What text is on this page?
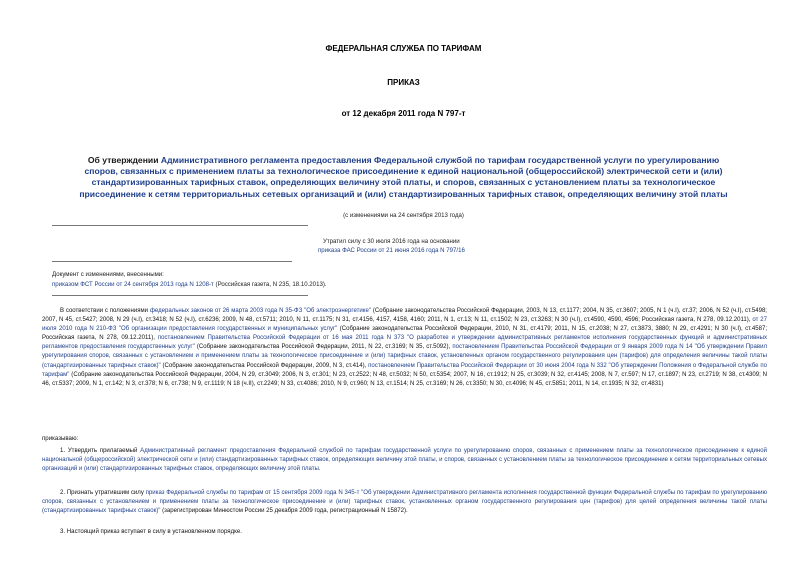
ФЕДЕРАЛЬНАЯ СЛУЖБА ПО ТАРИФАМ
ПРИКАЗ
от 12 декабря 2011 года N 797-т
Об утверждении Административного регламента предоставления Федеральной службой по тарифам государственной услуги по урегулированию споров, связанных с применением платы за технологическое присоединение к единой национальной (общероссийской) электрической сети и (или) стандартизированных тарифных ставок, определяющих величину этой платы, и споров, связанных с установлением платы за технологическое присоединение к сетям территориальных сетевых организаций и (или) стандартизированных тарифных ставок, определяющих величину этой платы
(с изменениями на 24 сентября 2013 года)
Утратил силу с 30 июля 2016 года на основании
приказа ФАС России от 21 июня 2016 года N 797/16
Документ с изменениями, внесенными:
приказом ФСТ России от 24 сентября 2013 года N 1208-т (Российская газета, N 235, 18.10.2013).
В соответствии с положениями федеральных законов от 26 марта 2003 года N 35-ФЗ "Об электроэнергетике" (Собрание законодательства Российской Федерации, 2003, N 13, ст.1177; 2004, N 35, ст.3607; 2005, N 1 (ч.I), ст.37; 2006, N 52 (ч.I), ст.5498; 2007, N 45, ст.5427; 2008, N 29 (ч.I), ст.3418; N 52 (ч.I), ст.6236; 2009, N 48, ст.5711; 2010, N 11, ст.1175; N 31, ст.4156, 4157, 4158, 4160; 2011, N 1, ст.13; N 11, ст.1502; N 23, ст.3263; N 30 (ч.I), ст.4590, 4590, 4596; Российская газета, N 278, 09.12.2011), от 27 июля 2010 года N 210-ФЗ "Об организации предоставления государственных и муниципальных услуг" (Собрание законодательства Российской Федерации, 2010, N 31, ст.4179; 2011, N 15, ст.2038; N 27, ст.3873, 3880; N 29, ст.4291; N 30 (ч.I), ст.4587; Российская газета, N 278, 09.12.2011), постановлением Правительства Российской Федерации от 16 мая 2011 года N 373 "О разработке и утверждении административных регламентов исполнения государственных функций и административных регламентов предоставления государственных услуг" (Собрание законодательства Российской Федерации, 2011, N 22, ст.3169; N 35, ст.5092), постановлением Правительства Российской Федерации от 9 января 2009 года N 14 "Об утверждении Правил урегулирования споров, связанных с установлением и применением платы за технологическое присоединение и (или) тарифных ставок, установленных органом государственного регулирования цен (тарифов) для определения величины такой платы (стандартизированных тарифных ставок)" (Собрание законодательства Российской Федерации, 2009, N 3, ст.414), постановлением Правительства Российской Федерации от 30 июня 2004 года N 332 "Об утверждении Положения о Федеральной службе по тарифам" (Собрание законодательства Российской Федерации, 2004, N 29, ст.3049; 2006, N 3, ст.301; N 23, ст.2522; N 48, ст.5032; N 50, ст.5354; 2007, N 16, ст.1912; N 25, ст.3039; N 32, ст.4145; 2008, N 7, ст.597; N 17, ст.1897; N 23, ст.2719; N 38, ст.4309; N 46, ст.5337; 2009, N 1, ст.142; N 3, ст.378; N 6, ст.738; N 9, ст.1119; N 18 (ч.II), ст.2249; N 33, ст.4086; 2010, N 9, ст.960; N 13, ст.1514; N 25, ст.3169; N 26, ст.3350; N 30, ст.4096; N 45, ст.5851; 2011, N 14, ст.1935; N 32, ст.4831)
приказываю:
1. Утвердить прилагаемый Административный регламент предоставления Федеральной службой по тарифам государственной услуги по урегулированию споров, связанных с применением платы за технологическое присоединение к единой национальной (общероссийской) электрической сети и (или) стандартизированных тарифных ставок, определяющих величину этой платы, и споров, связанных с установлением платы за технологическое присоединение к сетям территориальных сетевых организаций и (или) стандартизированных тарифных ставок, определяющих величину этой платы.
2. Признать утратившим силу приказ Федеральной службы по тарифам от 15 сентября 2009 года N 345-т "Об утверждении Административного регламента исполнения государственной функции Федеральной службы по тарифам по урегулированию споров, связанных с установлением и применением платы за технологическое присоединение и (или) тарифных ставок, установленных органом государственного регулирования цен (тарифов) для целей определения величины такой платы (стандартизированных тарифных ставок)" (зарегистрирован Минюстом России 25 декабря 2009 года, регистрационный N 15872).
3. Настоящий приказ вступает в силу в установленном порядке.
